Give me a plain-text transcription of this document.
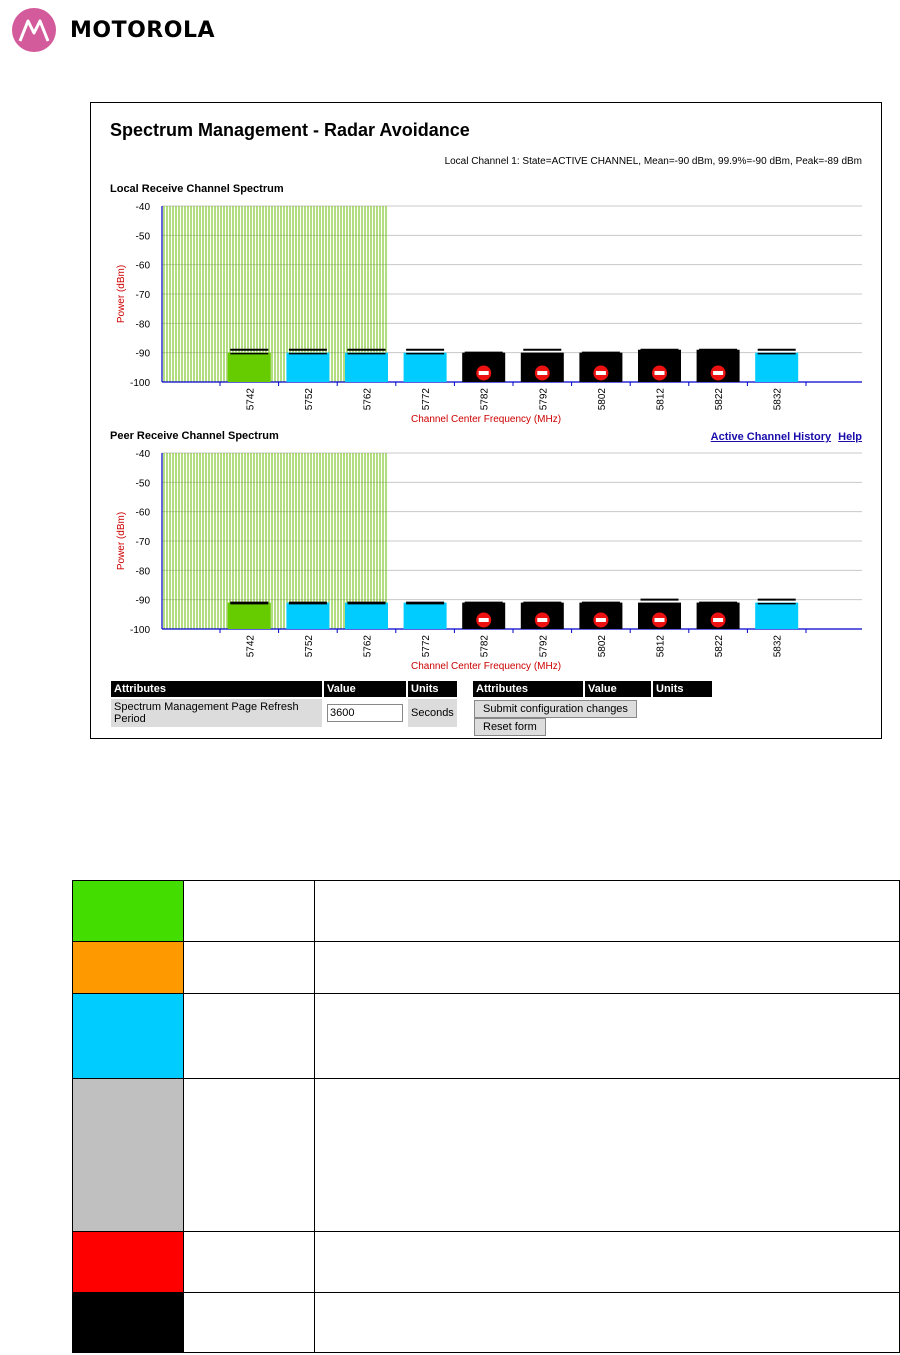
MOTOROLA
Spectrum Management - Radar Avoidance
Local Channel 1: State=ACTIVE CHANNEL, Mean=-90 dBm, 99.9%=-90 dBm, Peak=-89 dBm
Local Receive Channel Spectrum
-40
-50
-60
-70
-80
-90
-100
5742	5752	5762	5772	5782	5792	5802	5812	5822	5832
Power (dBm)
Channel Center Frequency (MHz)
Peer Receive Channel Spectrum	Active Channel History Help
-40
-50
-60
-70
-80
-90
-100
5742	5752	5762	5772	5782	5792	5802	5812	5822	5832
Power (dBm)
Channel Center Frequency (MHz)
Attributes	Value	Units
Spectrum Management Page Refresh Period	3600	Seconds
Attributes	Value	Units
Submit configuration changes Reset form
